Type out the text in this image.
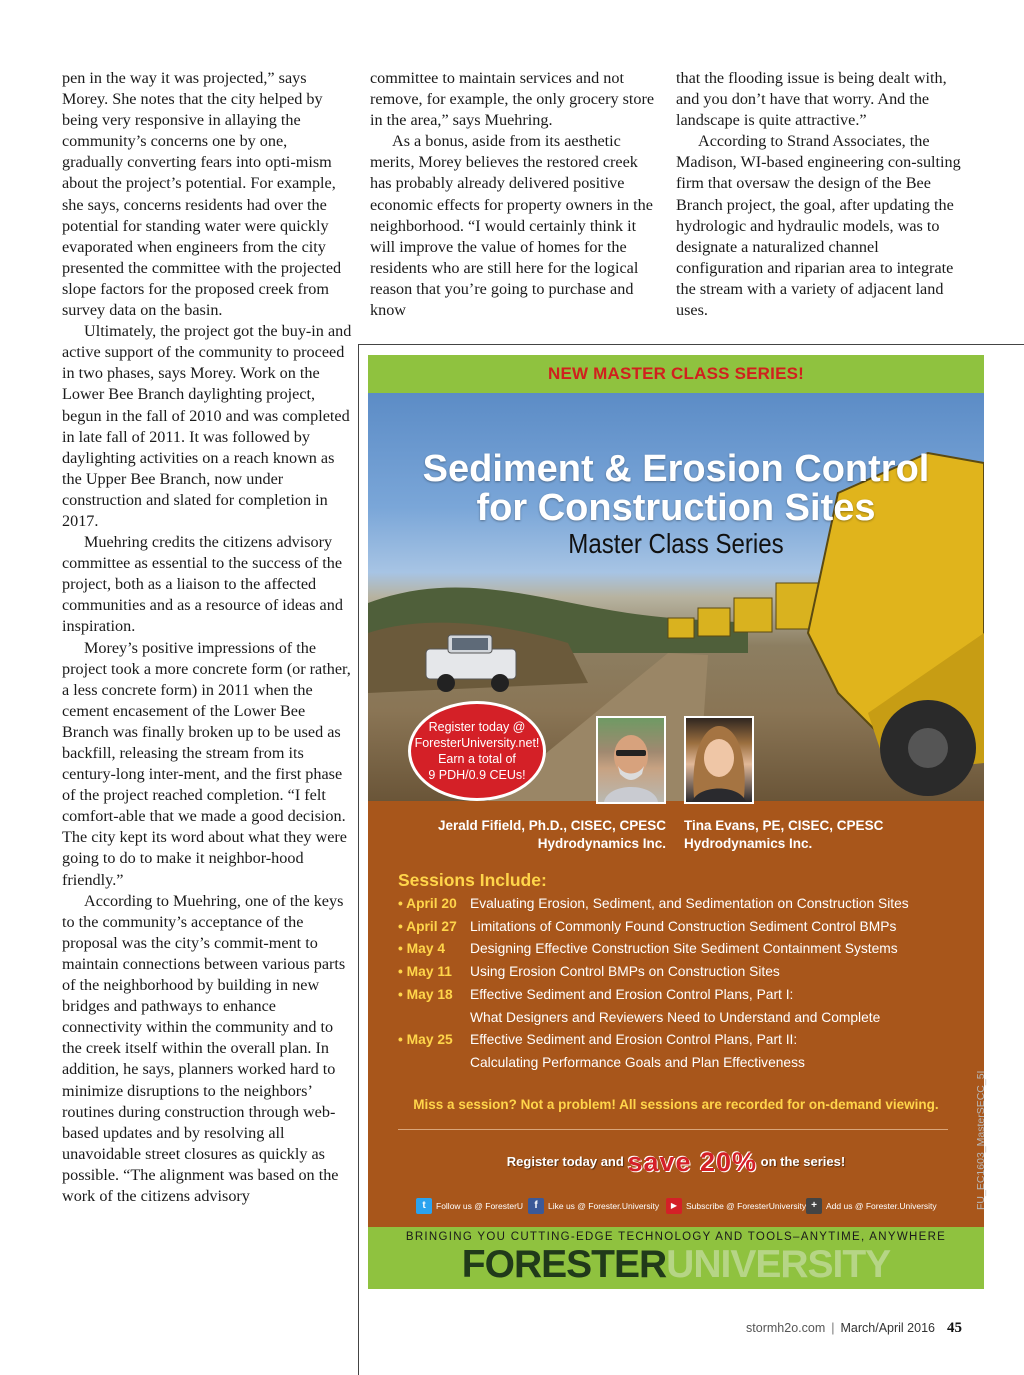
pen in the way it was projected,” says Morey. She notes that the city helped by being very responsive in allaying the community’s concerns one by one, gradually converting fears into opti-mism about the project’s potential. For example, she says, concerns residents had over the potential for standing water were quickly evaporated when engineers from the city presented the committee with the projected slope factors for the proposed creek from survey data on the basin.

Ultimately, the project got the buy-in and active support of the community to proceed in two phases, says Morey. Work on the Lower Bee Branch daylighting project, begun in the fall of 2010 and was completed in late fall of 2011. It was followed by daylighting activities on a reach known as the Upper Bee Branch, now under construction and slated for completion in 2017.

Muehring credits the citizens advisory committee as essential to the success of the project, both as a liaison to the affected communities and as a resource of ideas and inspiration.

Morey’s positive impressions of the project took a more concrete form (or rather, a less concrete form) in 2011 when the cement encasement of the Lower Bee Branch was finally broken up to be used as backfill, releasing the stream from its century-long inter-ment, and the first phase of the project reached completion. “I felt comfort-able that we made a good decision. The city kept its word about what they were going to do to make it neighbor-hood friendly.”

According to Muehring, one of the keys to the community’s acceptance of the proposal was the city’s commit-ment to maintain connections between various parts of the neighborhood by building in new bridges and pathways to enhance connectivity within the community and to the creek itself within the overall plan. In addition, he says, planners worked hard to minimize disruptions to the neighbors’ routines during construction through web-based updates and by resolving all unavoidable street closures as quickly as possible. “The alignment was based on the work of the citizens advisory

committee to maintain services and not remove, for example, the only grocery store in the area,” says Muehring.

As a bonus, aside from its aesthetic merits, Morey believes the restored creek has probably already delivered positive economic effects for property owners in the neighborhood. “I would certainly think it will improve the value of homes for the residents who are still here for the logical reason that you’re going to purchase and know

that the flooding issue is being dealt with, and you don’t have that worry. And the landscape is quite attractive.”

According to Strand Associates, the Madison, WI-based engineering con-sulting firm that oversaw the design of the Bee Branch project, the goal, after updating the hydrologic and hydraulic models, was to designate a naturalized channel configuration and riparian area to integrate the stream with a variety of adjacent land uses.

NEW MASTER CLASS SERIES!
Sediment & Erosion Control
for Construction Sites
Master Class Series
Register today @
ForesterUniversity.net!
Earn a total of
9 PDH/0.9 CEUs!
Jerald Fifield, Ph.D., CISEC, CPESC
Hydrodynamics Inc.
Tina Evans, PE, CISEC, CPESC
Hydrodynamics Inc.
Sessions Include:
• April 20 Evaluating Erosion, Sediment, and Sedimentation on Construction Sites
• April 27 Limitations of Commonly Found Construction Sediment Control BMPs
• May 4 Designing Effective Construction Site Sediment Containment Systems
• May 11 Using Erosion Control BMPs on Construction Sites
• May 18 Effective Sediment and Erosion Control Plans, Part I:
What Designers and Reviewers Need to Understand and Complete
• May 25 Effective Sediment and Erosion Control Plans, Part II:
Calculating Performance Goals and Plan Effectiveness
Miss a session? Not a problem! All sessions are recorded for on-demand viewing.
Register today and save 20% on the series!
t	Follow us @ ForesterU	f	Like us @ Forester.University	▶	Subscribe @ ForesterUniversity +	Add us @ Forester.University
BRINGING YOU CUTTING-EDGE TECHNOLOGY AND TOOLS–ANYTIME, ANYWHERE
FORESTERUNIVERSITY
FU_EC1603_MasterSECC_5I
stormh2o.com | March/April 2016 45
